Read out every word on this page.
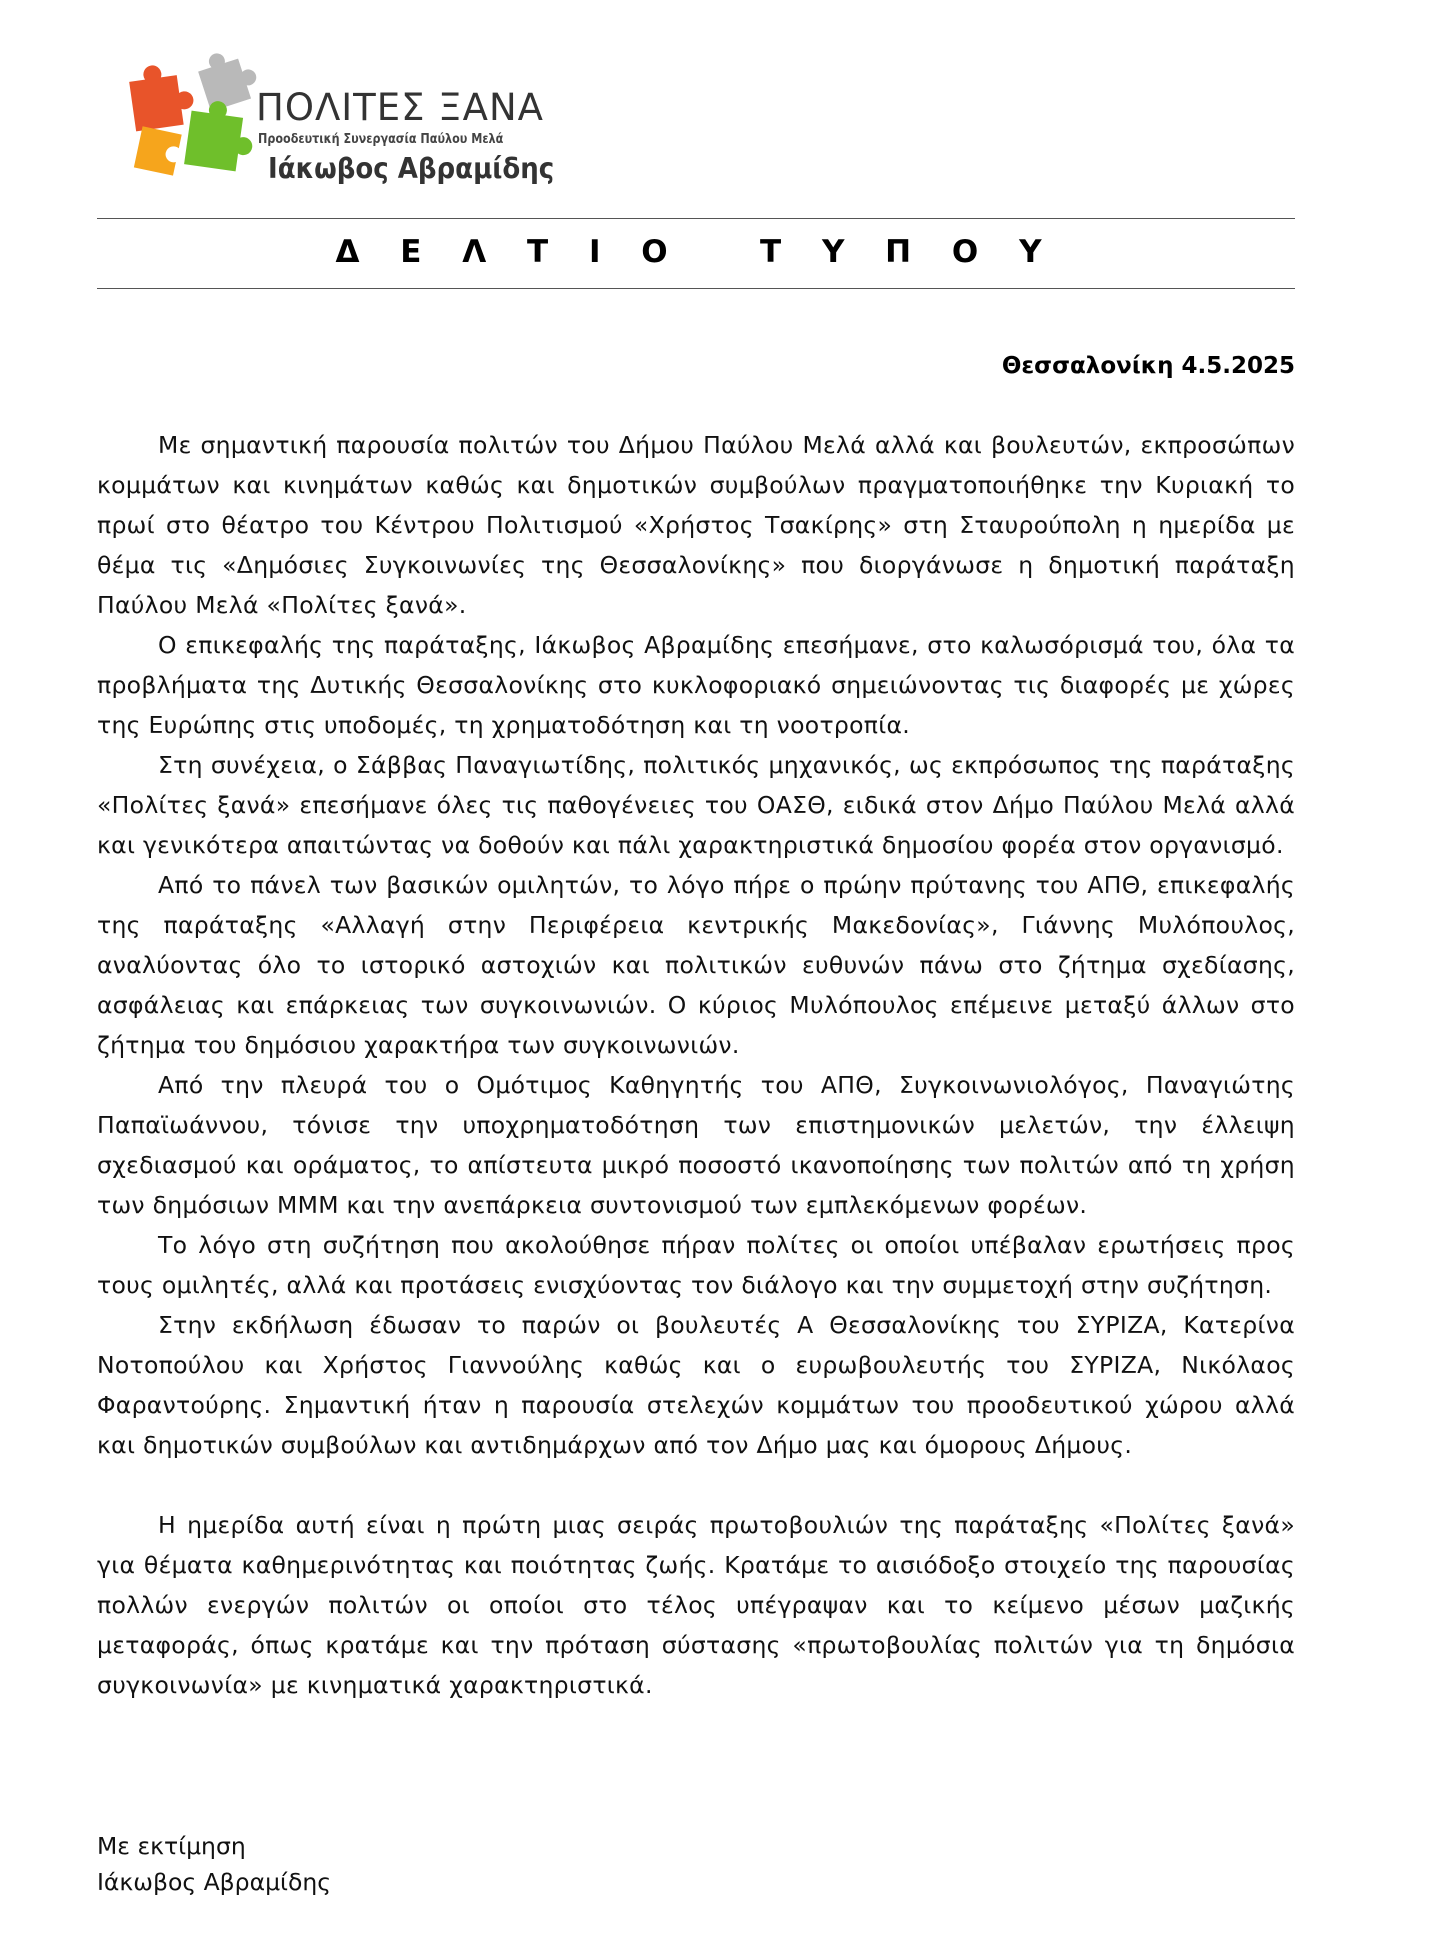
ΠΟΛΙΤΕΣ ΞΑΝΑ
Προοδευτική Συνεργασία Παύλου Μελά
Ιάκωβος Αβραμίδης
Δ Ε Λ Τ Ι Ο   Τ Υ Π Ο Υ
Θεσσαλονίκη 4.5.2025

Με σημαντική παρουσία πολιτών του Δήμου Παύλου Μελά αλλά και βουλευτών, εκπροσώπων κομμάτων και κινημάτων καθώς και δημοτικών συμβούλων πραγματοποιήθηκε την Κυριακή το πρωί στο θέατρο του Κέντρου Πολιτισμού «Χρήστος Τσακίρης» στη Σταυρούπολη η ημερίδα με θέμα τις «Δημόσιες Συγκοινωνίες της Θεσσαλονίκης» που διοργάνωσε η δημοτική παράταξη Παύλου Μελά «Πολίτες ξανά».

Ο επικεφαλής της παράταξης, Ιάκωβος Αβραμίδης επεσήμανε, στο καλωσόρισμά του, όλα τα προβλήματα της Δυτικής Θεσσαλονίκης στο κυκλοφοριακό σημειώνοντας τις διαφορές με χώρες της Ευρώπης στις υποδομές, τη χρηματοδότηση και τη νοοτροπία.

Στη συνέχεια, ο Σάββας Παναγιωτίδης, πολιτικός μηχανικός, ως εκπρόσωπος της παράταξης «Πολίτες ξανά» επεσήμανε όλες τις παθογένειες του ΟΑΣΘ, ειδικά στον Δήμο Παύλου Μελά αλλά και γενικότερα απαιτώντας να δοθούν και πάλι χαρακτηριστικά δημοσίου φορέα στον οργανισμό.

Από το πάνελ των βασικών ομιλητών, το λόγο πήρε ο πρώην πρύτανης του ΑΠΘ, επικεφαλής της παράταξης «Αλλαγή στην Περιφέρεια κεντρικής Μακεδονίας», Γιάννης Μυλόπουλος, αναλύοντας όλο το ιστορικό αστοχιών και πολιτικών ευθυνών πάνω στο ζήτημα σχεδίασης, ασφάλειας και επάρκειας των συγκοινωνιών. Ο κύριος Μυλόπουλος επέμεινε μεταξύ άλλων στο ζήτημα του δημόσιου χαρακτήρα των συγκοινωνιών.

Από την πλευρά του ο Ομότιμος Καθηγητής του ΑΠΘ, Συγκοινωνιολόγος, Παναγιώτης Παπαϊωάννου, τόνισε την υποχρηματοδότηση των επιστημονικών μελετών, την έλλειψη σχεδιασμού και οράματος, το απίστευτα μικρό ποσοστό ικανοποίησης των πολιτών από τη χρήση των δημόσιων ΜΜΜ και την ανεπάρκεια συντονισμού των εμπλεκόμενων φορέων.

Το λόγο στη συζήτηση που ακολούθησε πήραν πολίτες οι οποίοι υπέβαλαν ερωτήσεις προς τους ομιλητές, αλλά και προτάσεις ενισχύοντας τον διάλογο και την συμμετοχή στην συζήτηση.

Στην εκδήλωση έδωσαν το παρών οι βουλευτές Α Θεσσαλονίκης του ΣΥΡΙΖΑ, Κατερίνα Νοτοπούλου και Χρήστος Γιαννούλης καθώς και ο ευρωβουλευτής του ΣΥΡΙΖΑ, Νικόλαος Φαραντούρης. Σημαντική ήταν η παρουσία στελεχών κομμάτων του προοδευτικού χώρου αλλά και δημοτικών συμβούλων και αντιδημάρχων από τον Δήμο μας και όμορους Δήμους.

Η ημερίδα αυτή είναι η πρώτη μιας σειράς πρωτοβουλιών της παράταξης «Πολίτες ξανά» για θέματα καθημερινότητας και ποιότητας ζωής. Κρατάμε το αισιόδοξο στοιχείο της παρουσίας πολλών ενεργών πολιτών οι οποίοι στο τέλος υπέγραψαν και το κείμενο μέσων μαζικής μεταφοράς, όπως κρατάμε και την πρόταση σύστασης «πρωτοβουλίας πολιτών για τη δημόσια συγκοινωνία» με κινηματικά χαρακτηριστικά.

Με εκτίμηση
Ιάκωβος Αβραμίδης
